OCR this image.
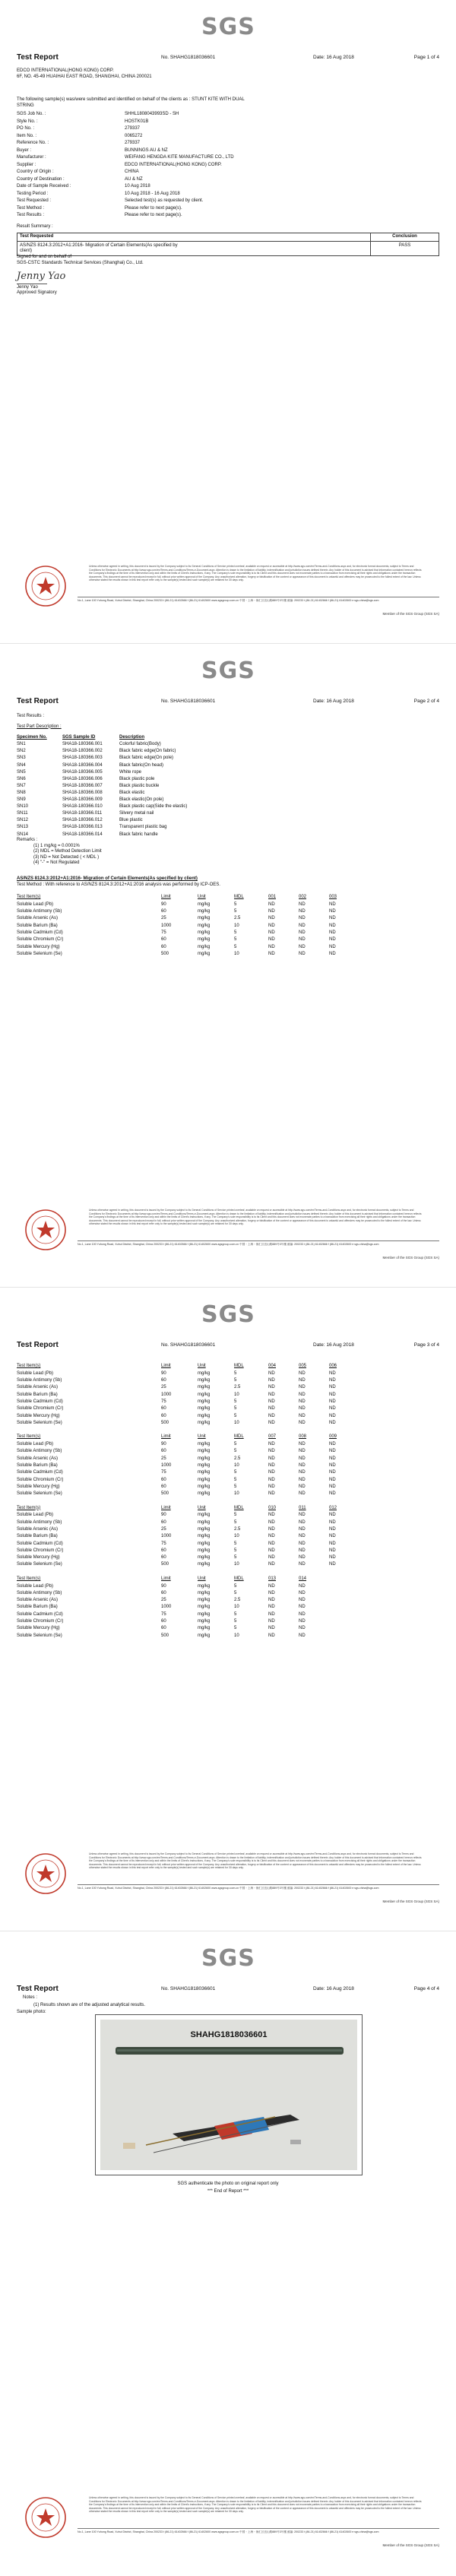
SGS
Test Report	No. SHAHG1818036601	Date: 16 Aug 2018	Page 1 of 4
EDCO INTERNATIONAL(HONG KONG) CORP.
6F, NO. 45-49 HUAIHAI EAST ROAD, SHANGHAI, CHINA 200021
The following sample(s) was/were submitted and identified on behalf of the clients as : STUNT KITE WITH DUAL
STRING
SGS Job No. :	SHHL1808043993SD - SH
Style No. :	HOSTK01B
PO No. :	279337
Item No. :	0065272
Reference No. :	279337
Buyer :	BUNNINGS AU & NZ
Manufacturer :	WEIFANG HENGDA KITE MANUFACTURE CO., LTD
Supplier :	EDCO INTERNATIONAL(HONG KONG) CORP.
Country of Origin :	CHINA
Country of Destination :	AU & NZ
Date of Sample Received :	10 Aug 2018
Testing Period :	10 Aug 2018 - 16 Aug 2018
Test Requested :	Selected test(s) as requested by client.
Test Method :	Please refer to next page(s).
Test Results :	Please refer to next page(s).
Result Summary :
Test Requested	Conclusion

AS/NZS 8124.3:2012+A1:2016- Migration of Certain Elements(As specified by
client)	PASS
Signed for and on behalf of
SGS-CSTC Standards Technical Services (Shanghai) Co., Ltd.
Jenny Yao
Jenny Yao
Approved Signatory
Unless otherwise agreed in writing, this document is issued by the Company subject to its General Conditions of Service printed overleaf, available on request or accessible at http://www.sgs.com/en/Terms-and-Conditions.aspx and, for electronic format documents, subject to Terms and Conditions for Electronic Documents at http://www.sgs.com/en/Terms-and-Conditions/Terms-e-Document.aspx. Attention is drawn to the limitation of liability, indemnification and jurisdiction issues defined therein. Any holder of this document is advised that information contained hereon reflects the Company's findings at the time of its intervention only and within the limits of Client's instructions, if any. The Company's sole responsibility is to its Client and this document does not exonerate parties to a transaction from exercising all their rights and obligations under the transaction documents. This document cannot be reproduced except in full, without prior written approval of the Company. Any unauthorized alteration, forgery or falsification of the content or appearance of this document is unlawful and offenders may be prosecuted to the fullest extent of the law. Unless otherwise stated the results shown in this test report refer only to the sample(s) tested and such sample(s) are retained for 30 days only.
No.1, Lane 100 Yuhong Road, Xuhui District, Shanghai, China 200233 t (86-21) 61402666 f (86-21) 61402600 www.sgsgroup.com.cn 中国・上海・徐汇区宜山路889号3号楼 邮编: 200233 t (86-21) 61402666 f (86-21) 61402600 e sgs.china@sgs.com
Member of the SGS Group (SGS SA)
SGS
Test Report	No. SHAHG1818036601	Date: 16 Aug 2018	Page 2 of 4
Test Results :
Test Part Description :
Specimen No.	SGS Sample ID	Description
SN1	SHA18-180366.001	Colorful fabric(Body)
SN2	SHA18-180366.002	Black fabric edge(On fabric)
SN3	SHA18-180366.003	Black fabric edge(On pole)
SN4	SHA18-180366.004	Black fabric(On head)
SN5	SHA18-180366.005	White rope
SN6	SHA18-180366.006	Black plastic pole
SN7	SHA18-180366.007	Black plastic buckle
SN8	SHA18-180366.008	Black elastic
SN9	SHA18-180366.009	Black elastic(On pole)
SN10	SHA18-180366.010	Black plastic cap(Side the elastic)
SN11	SHA18-180366.011	Silvery metal nail
SN12	SHA18-180366.012	Blue plastic
SN13	SHA18-180366.013	Transparent plastic bag
SN14	SHA18-180366.014	Black fabric handle
Remarks :
(1) 1 mg/kg = 0.0001%
(2) MDL = Method Detection Limit
(3) ND = Not Detected ( < MDL )
(4) "-" = Not Regulated
AS/NZS 8124.3:2012+A1:2016- Migration of Certain Elements(As specified by client)
Test Method : With reference to AS/NZS 8124.3:2012+A1:2016 analysis was performed by ICP-OES.
Test Item(s)	Limit	Unit	MDL	001	002	003
Soluble Lead (Pb)	90	mg/kg	5	ND	ND	ND
Soluble Antimony (Sb)	60	mg/kg	5	ND	ND	ND
Soluble Arsenic (As)	25	mg/kg	2.5	ND	ND	ND
Soluble Barium (Ba)	1000	mg/kg	10	ND	ND	ND
Soluble Cadmium (Cd)	75	mg/kg	5	ND	ND	ND
Soluble Chromium (Cr)	60	mg/kg	5	ND	ND	ND
Soluble Mercury (Hg)	60	mg/kg	5	ND	ND	ND
Soluble Selenium (Se)	500	mg/kg	10	ND	ND	ND
Unless otherwise agreed in writing, this document is issued by the Company subject to its General Conditions of Service printed overleaf, available on request or accessible at http://www.sgs.com/en/Terms-and-Conditions.aspx and, for electronic format documents, subject to Terms and Conditions for Electronic Documents at http://www.sgs.com/en/Terms-and-Conditions/Terms-e-Document.aspx. Attention is drawn to the limitation of liability, indemnification and jurisdiction issues defined therein. Any holder of this document is advised that information contained hereon reflects the Company's findings at the time of its intervention only and within the limits of Client's instructions, if any. The Company's sole responsibility is to its Client and this document does not exonerate parties to a transaction from exercising all their rights and obligations under the transaction documents. This document cannot be reproduced except in full, without prior written approval of the Company. Any unauthorized alteration, forgery or falsification of the content or appearance of this document is unlawful and offenders may be prosecuted to the fullest extent of the law. Unless otherwise stated the results shown in this test report refer only to the sample(s) tested and such sample(s) are retained for 30 days only.
No.1, Lane 100 Yuhong Road, Xuhui District, Shanghai, China 200233 t (86-21) 61402666 f (86-21) 61402600 www.sgsgroup.com.cn 中国・上海・徐汇区宜山路889号3号楼 邮编: 200233 t (86-21) 61402666 f (86-21) 61402600 e sgs.china@sgs.com
Member of the SGS Group (SGS SA)
SGS
Test Report	No. SHAHG1818036601	Date: 16 Aug 2018	Page 3 of 4
Test Item(s)	Limit	Unit	MDL	004	005	006
Soluble Lead (Pb)	90	mg/kg	5	ND	ND	ND
Soluble Antimony (Sb)	60	mg/kg	5	ND	ND	ND
Soluble Arsenic (As)	25	mg/kg	2.5	ND	ND	ND
Soluble Barium (Ba)	1000	mg/kg	10	ND	ND	ND
Soluble Cadmium (Cd)	75	mg/kg	5	ND	ND	ND
Soluble Chromium (Cr)	60	mg/kg	5	ND	ND	ND
Soluble Mercury (Hg)	60	mg/kg	5	ND	ND	ND
Soluble Selenium (Se)	500	mg/kg	10	ND	ND	ND
Test Item(s)	Limit	Unit	MDL	007	008	009
Soluble Lead (Pb)	90	mg/kg	5	ND	ND	ND
Soluble Antimony (Sb)	60	mg/kg	5	ND	ND	ND
Soluble Arsenic (As)	25	mg/kg	2.5	ND	ND	ND
Soluble Barium (Ba)	1000	mg/kg	10	ND	ND	ND
Soluble Cadmium (Cd)	75	mg/kg	5	ND	ND	ND
Soluble Chromium (Cr)	60	mg/kg	5	ND	ND	ND
Soluble Mercury (Hg)	60	mg/kg	5	ND	ND	ND
Soluble Selenium (Se)	500	mg/kg	10	ND	ND	ND
Test Item(s)	Limit	Unit	MDL	010	011	012
Soluble Lead (Pb)	90	mg/kg	5	ND	ND	ND
Soluble Antimony (Sb)	60	mg/kg	5	ND	ND	ND
Soluble Arsenic (As)	25	mg/kg	2.5	ND	ND	ND
Soluble Barium (Ba)	1000	mg/kg	10	ND	ND	ND
Soluble Cadmium (Cd)	75	mg/kg	5	ND	ND	ND
Soluble Chromium (Cr)	60	mg/kg	5	ND	ND	ND
Soluble Mercury (Hg)	60	mg/kg	5	ND	ND	ND
Soluble Selenium (Se)	500	mg/kg	10	ND	ND	ND
Test Item(s)	Limit	Unit	MDL	013	014
Soluble Lead (Pb)	90	mg/kg	5	ND	ND
Soluble Antimony (Sb)	60	mg/kg	5	ND	ND
Soluble Arsenic (As)	25	mg/kg	2.5	ND	ND
Soluble Barium (Ba)	1000	mg/kg	10	ND	ND
Soluble Cadmium (Cd)	75	mg/kg	5	ND	ND
Soluble Chromium (Cr)	60	mg/kg	5	ND	ND
Soluble Mercury (Hg)	60	mg/kg	5	ND	ND
Soluble Selenium (Se)	500	mg/kg	10	ND	ND
Unless otherwise agreed in writing, this document is issued by the Company subject to its General Conditions of Service printed overleaf, available on request or accessible at http://www.sgs.com/en/Terms-and-Conditions.aspx and, for electronic format documents, subject to Terms and Conditions for Electronic Documents at http://www.sgs.com/en/Terms-and-Conditions/Terms-e-Document.aspx. Attention is drawn to the limitation of liability, indemnification and jurisdiction issues defined therein. Any holder of this document is advised that information contained hereon reflects the Company's findings at the time of its intervention only and within the limits of Client's instructions, if any. The Company's sole responsibility is to its Client and this document does not exonerate parties to a transaction from exercising all their rights and obligations under the transaction documents. This document cannot be reproduced except in full, without prior written approval of the Company. Any unauthorized alteration, forgery or falsification of the content or appearance of this document is unlawful and offenders may be prosecuted to the fullest extent of the law. Unless otherwise stated the results shown in this test report refer only to the sample(s) tested and such sample(s) are retained for 30 days only.
No.1, Lane 100 Yuhong Road, Xuhui District, Shanghai, China 200233 t (86-21) 61402666 f (86-21) 61402600 www.sgsgroup.com.cn 中国・上海・徐汇区宜山路889号3号楼 邮编: 200233 t (86-21) 61402666 f (86-21) 61402600 e sgs.china@sgs.com
Member of the SGS Group (SGS SA)
SGS
Test Report	No. SHAHG1818036601	Date: 16 Aug 2018	Page 4 of 4
Notes :
(1) Results shown are of the adjusted analytical results.
Sample photo:
SHAHG1818036601
SGS authenticate the photo on original report only
*** End of Report ***
Unless otherwise agreed in writing, this document is issued by the Company subject to its General Conditions of Service printed overleaf, available on request or accessible at http://www.sgs.com/en/Terms-and-Conditions.aspx and, for electronic format documents, subject to Terms and Conditions for Electronic Documents at http://www.sgs.com/en/Terms-and-Conditions/Terms-e-Document.aspx. Attention is drawn to the limitation of liability, indemnification and jurisdiction issues defined therein. Any holder of this document is advised that information contained hereon reflects the Company's findings at the time of its intervention only and within the limits of Client's instructions, if any. The Company's sole responsibility is to its Client and this document does not exonerate parties to a transaction from exercising all their rights and obligations under the transaction documents. This document cannot be reproduced except in full, without prior written approval of the Company. Any unauthorized alteration, forgery or falsification of the content or appearance of this document is unlawful and offenders may be prosecuted to the fullest extent of the law. Unless otherwise stated the results shown in this test report refer only to the sample(s) tested and such sample(s) are retained for 30 days only.
No.1, Lane 100 Yuhong Road, Xuhui District, Shanghai, China 200233 t (86-21) 61402666 f (86-21) 61402600 www.sgsgroup.com.cn 中国・上海・徐汇区宜山路889号3号楼 邮编: 200233 t (86-21) 61402666 f (86-21) 61402600 e sgs.china@sgs.com
Member of the SGS Group (SGS SA)
